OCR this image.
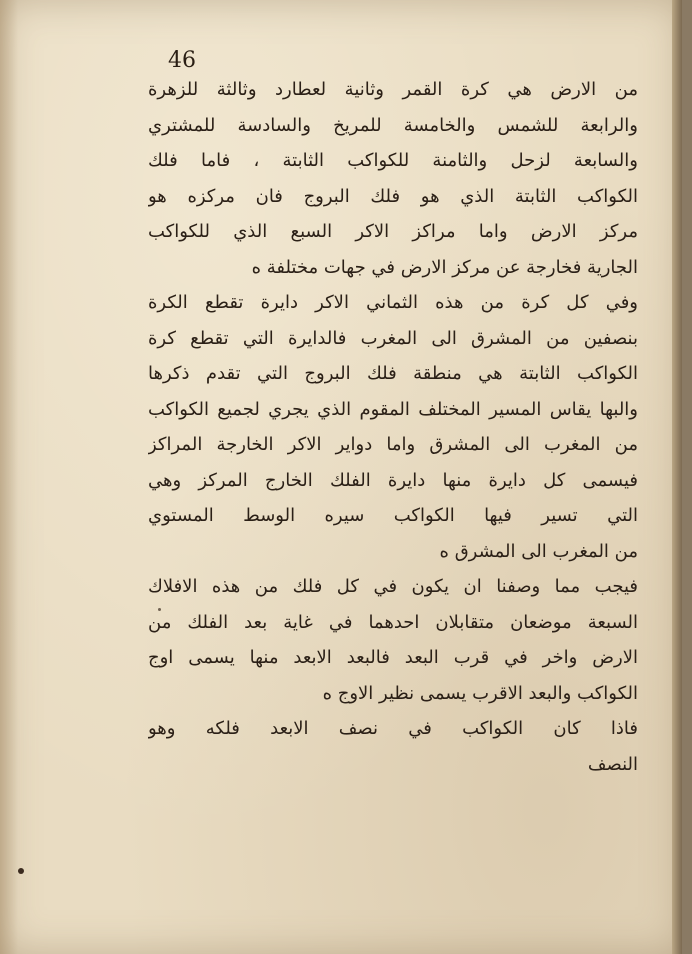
46
من الارض هي كرة القمر وثانية لعطارد وثالثة للزهرة
والرابعة للشمس والخامسة للمريخ والسادسة للمشتري
والسابعة لزحل والثامنة للكواكب الثابتة ، فاما فلك
الكواكب الثابتة الذي هو فلك البروج فان مركزه هو
مركز الارض واما مراكز الاكر السبع الذي للكواكب
الجارية فخارجة عن مركز الارض في جهات مختلفة ه
وفي كل كرة من هذه الثماني الاكر دايرة تقطع الكرة
بنصفين من المشرق الى المغرب فالدايرة التي تقطع كرة
الكواكب الثابتة هي منطقة فلك البروج التي تقدم ذكرها
والبها يقاس المسير المختلف المقوم الذي يجري لجميع الكواكب
من المغرب الى المشرق واما دواير الاكر الخارجة المراكز
فيسمى كل دايرة منها دايرة الفلك الخارج المركز وهي
التي تسير فيها الكواكب سيره الوسط المستوي
من المغرب الى المشرق ه
فيجب مما وصفنا ان يكون في كل فلك من هذه الافلاك
السبعة موضعان متقابلان احدهما في غاية بعد الفلك من
الارض واخر في قرب البعد فالبعد الابعد منها يسمى اوج
الكواكب والبعد الاقرب يسمى نظير الاوج ه
فاذا كان الكواكب في نصف الابعد فلكه وهو
النصف
